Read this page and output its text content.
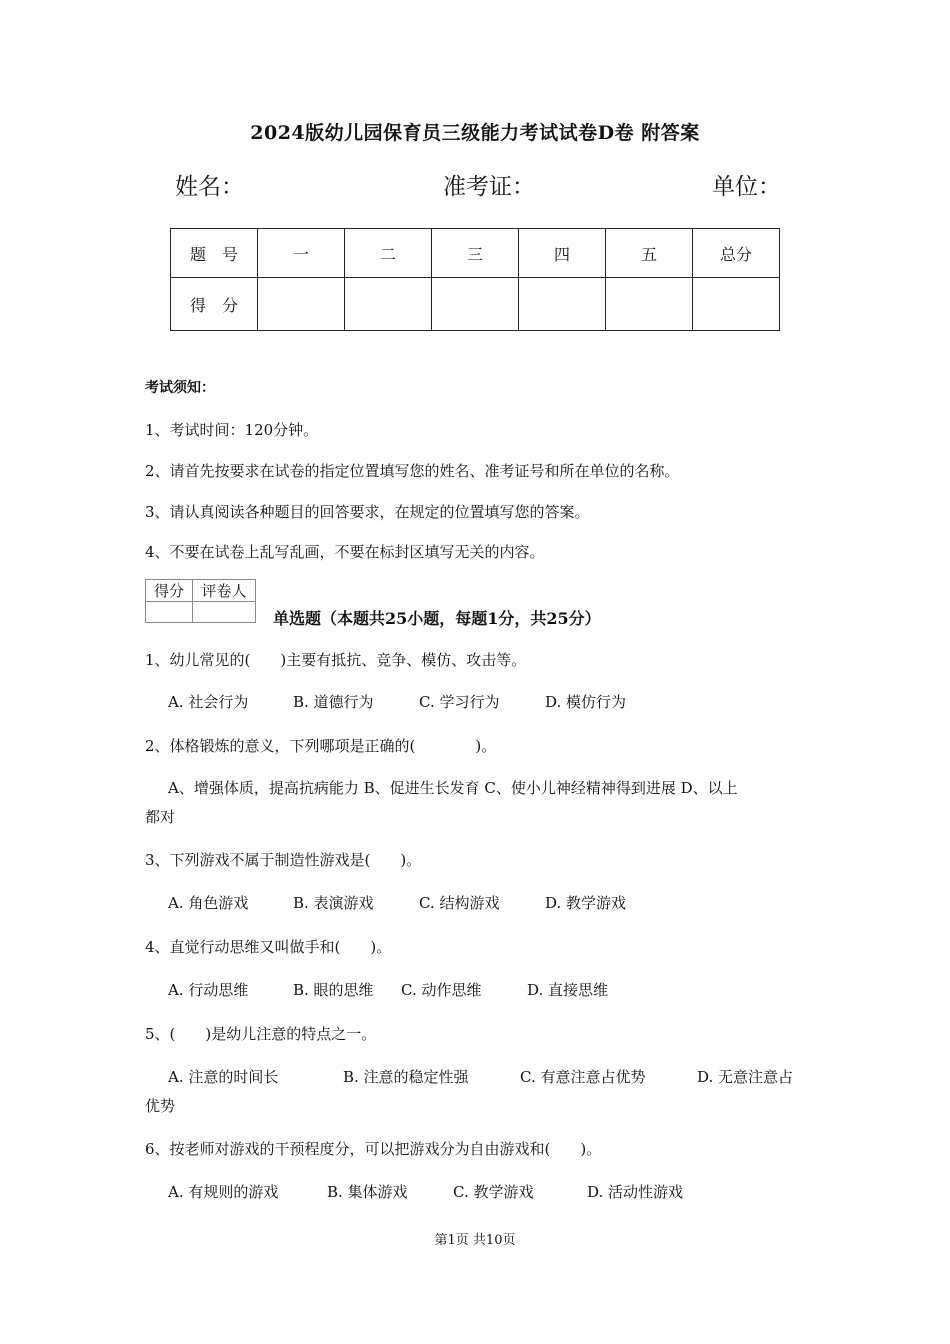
2024版幼儿园保育员三级能力考试试卷D卷 附答案
姓名：	准考证：	单位：
题　号	一	二	三	四	五	总分
得　分						
考试须知：
1、考试时间：120分钟。
2、请首先按要求在试卷的指定位置填写您的姓名、准考证号和所在单位的名称。
3、请认真阅读各种题目的回答要求，在规定的位置填写您的答案。
4、不要在试卷上乱写乱画，不要在标封区填写无关的内容。
得分	评卷人

单选题（本题共25小题，每题1分，共25分）
1、幼儿常见的(　　)主要有抵抗、竞争、模仿、攻击等。
A. 社会行为	B. 道德行为	C. 学习行为	D. 模仿行为
2、体格锻炼的意义，下列哪项是正确的(　　　　)。
A、增强体质，提高抗病能力 B、促进生长发育 C、使小儿神经精神得到进展 D、以上
都对
3、下列游戏不属于制造性游戏是(　　)。
A. 角色游戏	B. 表演游戏	C. 结构游戏	D. 教学游戏
4、直觉行动思维又叫做手和(　　)。
A. 行动思维	B. 眼的思维 C. 动作思维	D. 直接思维
5、(　　)是幼儿注意的特点之一。
A. 注意的时间长	B. 注意的稳定性强	C. 有意注意占优势	D. 无意注意占
优势
6、按老师对游戏的干预程度分，可以把游戏分为自由游戏和(　　)。
A. 有规则的游戏	B. 集体游戏	C. 教学游戏	D. 活动性游戏
第1页 共10页
